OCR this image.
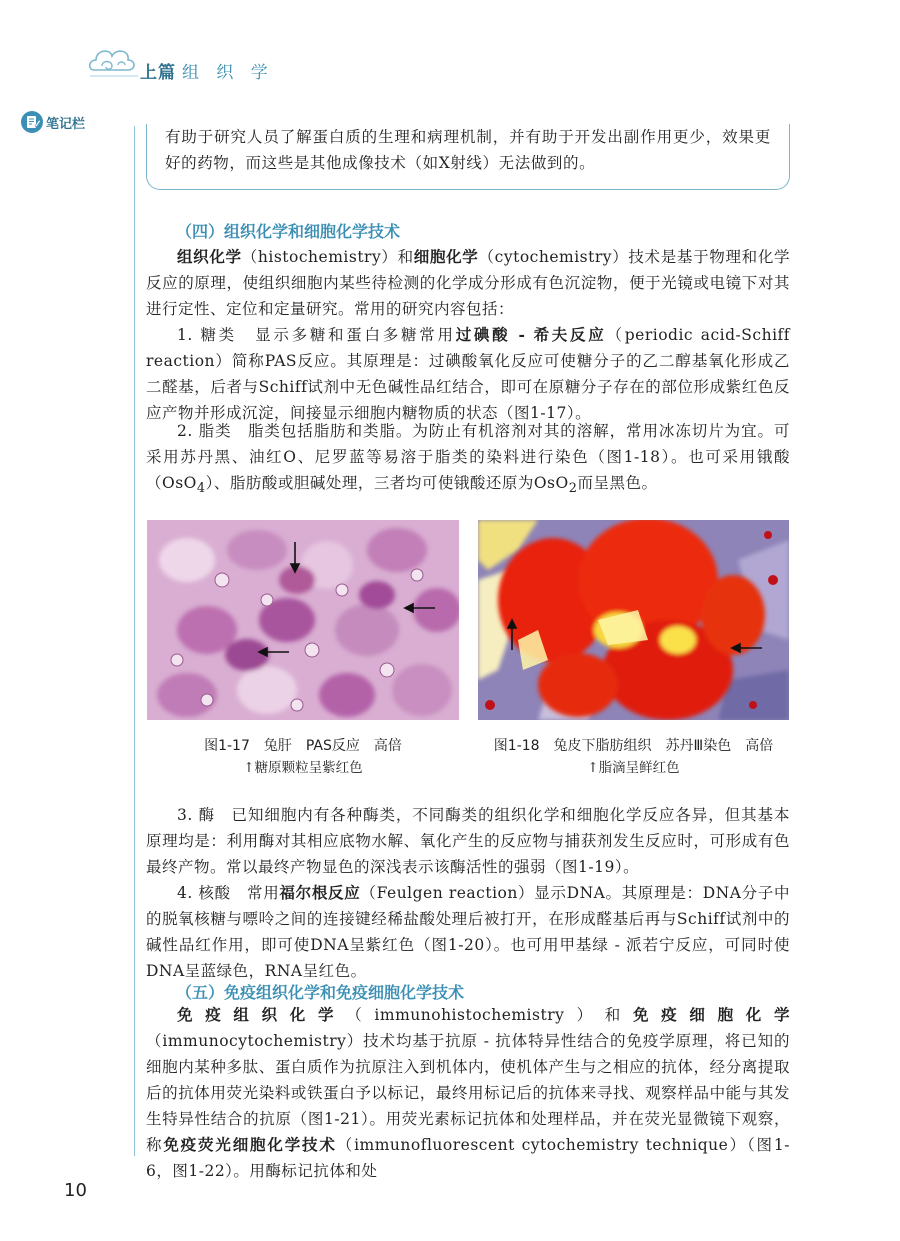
上篇 组 织 学
笔记栏

有助于研究人员了解蛋白质的生理和病理机制，并有助于开发出副作用更少，效果更好的药物，而这些是其他成像技术（如X射线）无法做到的。

（四）组织化学和细胞化学技术

组织化学（histochemistry）和细胞化学（cytochemistry）技术是基于物理和化学反应的原理，使组织细胞内某些待检测的化学成分形成有色沉淀物，便于光镜或电镜下对其进行定性、定位和定量研究。常用的研究内容包括：

1. 糖类　显示多糖和蛋白多糖常用过碘酸 - 希夫反应（periodic acid-Schiff reaction）简称PAS反应。其原理是：过碘酸氧化反应可使糖分子的乙二醇基氧化形成乙二醛基，后者与Schiff试剂中无色碱性品红结合，即可在原糖分子存在的部位形成紫红色反应产物并形成沉淀，间接显示细胞内糖物质的状态（图1-17）。

2. 脂类　脂类包括脂肪和类脂。为防止有机溶剂对其的溶解，常用冰冻切片为宜。可采用苏丹黑、油红O、尼罗蓝等易溶于脂类的染料进行染色（图1-18）。也可采用锇酸（OsO$_4$）、脂肪酸或胆碱处理，三者均可使锇酸还原为OsO$_2$而呈黑色。

图1-17　兔肝　PAS反应　高倍
↑糖原颗粒呈紫红色
图1-18　兔皮下脂肪组织　苏丹Ⅲ染色　高倍
↑脂滴呈鲜红色

3. 酶　已知细胞内有各种酶类，不同酶类的组织化学和细胞化学反应各异，但其基本原理均是：利用酶对其相应底物水解、氧化产生的反应物与捕获剂发生反应时，可形成有色最终产物。常以最终产物显色的深浅表示该酶活性的强弱（图1-19）。

4. 核酸　常用福尔根反应（Feulgen reaction）显示DNA。其原理是：DNA分子中的脱氧核糖与嘌呤之间的连接键经稀盐酸处理后被打开，在形成醛基后再与Schiff试剂中的碱性品红作用，即可使DNA呈紫红色（图1-20）。也可用甲基绿 - 派若宁反应，可同时使DNA呈蓝绿色，RNA呈红色。

（五）免疫组织化学和免疫细胞化学技术

免疫组织化学（immunohistochemistry）和免疫细胞化学（immunocytochemistry）技术均基于抗原 - 抗体特异性结合的免疫学原理，将已知的细胞内某种多肽、蛋白质作为抗原注入到机体内，使机体产生与之相应的抗体，经分离提取后的抗体用荧光染料或铁蛋白予以标记，最终用标记后的抗体来寻找、观察样品中能与其发生特异性结合的抗原（图1-21）。用荧光素标记抗体和处理样品，并在荧光显微镜下观察，称免疫荧光细胞化学技术（immunofluorescent cytochemistry technique）（图1-6，图1-22）。用酶标记抗体和处

10
